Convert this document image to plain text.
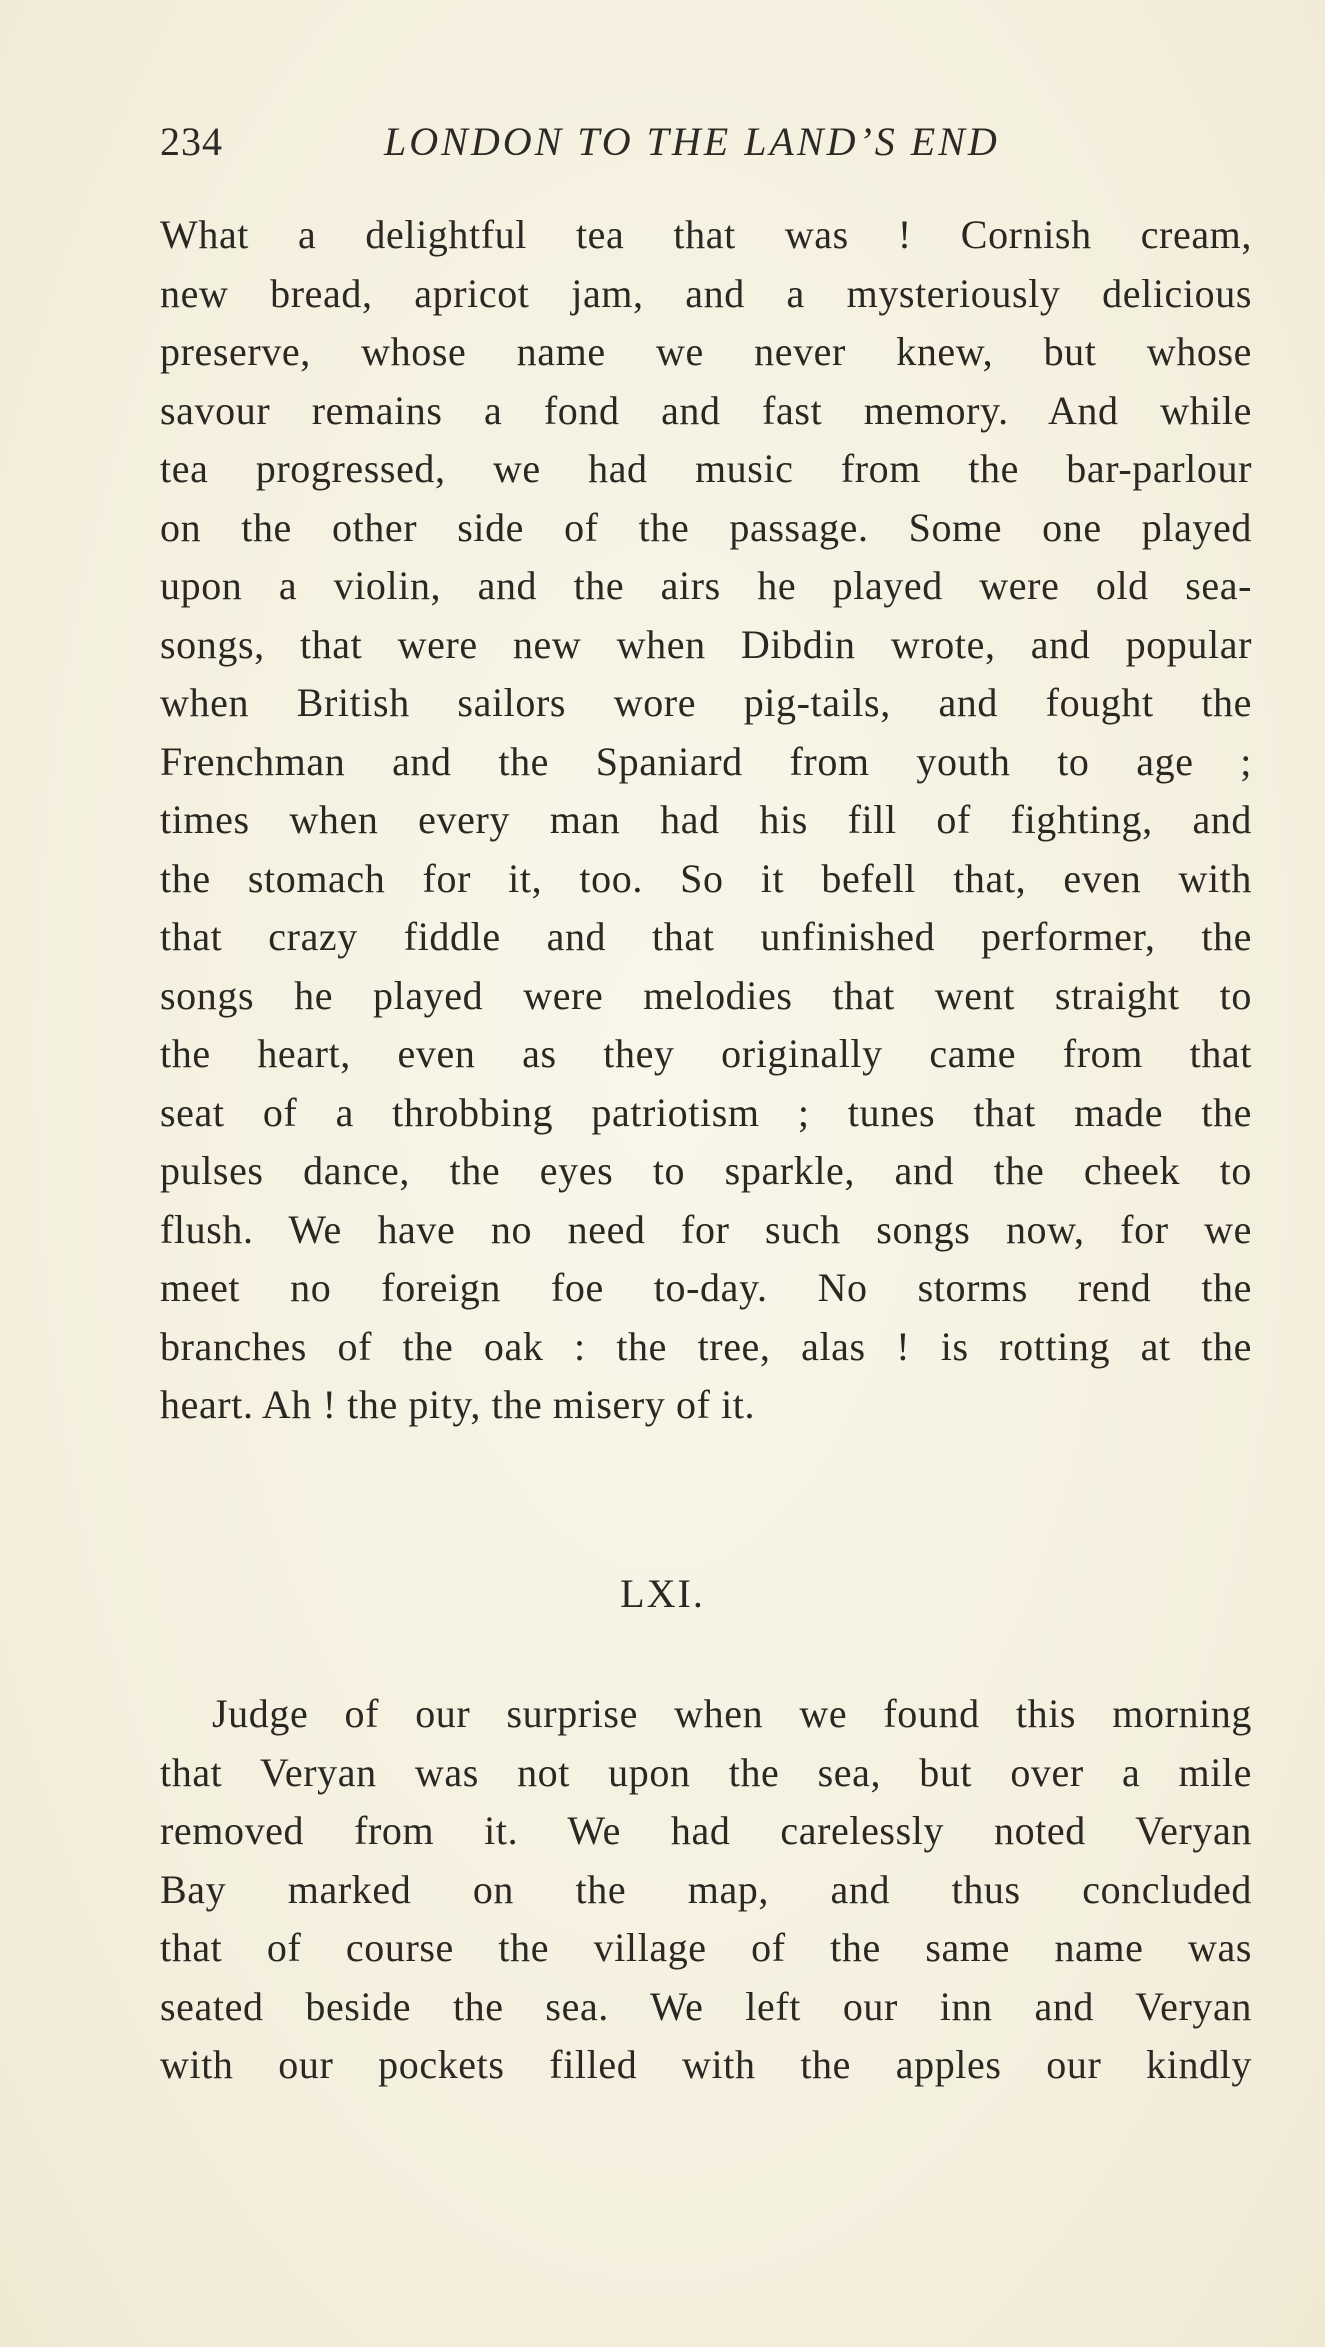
234	LONDON TO THE LAND’S END
What a delightful tea that was ! Cornish cream,
new bread, apricot jam, and a mysteriously delicious
preserve, whose name we never knew, but whose
savour remains a fond and fast memory. And while
tea progressed, we had music from the bar-parlour
on the other side of the passage. Some one played
upon a violin, and the airs he played were old sea-
songs, that were new when Dibdin wrote, and popular
when British sailors wore pig-tails, and fought the
Frenchman and the Spaniard from youth to age ;
times when every man had his fill of fighting, and
the stomach for it, too. So it befell that, even with
that crazy fiddle and that unfinished performer, the
songs he played were melodies that went straight to
the heart, even as they originally came from that
seat of a throbbing patriotism ; tunes that made the
pulses dance, the eyes to sparkle, and the cheek to
flush. We have no need for such songs now, for we
meet no foreign foe to-day. No storms rend the
branches of the oak : the tree, alas ! is rotting at the
heart. Ah ! the pity, the misery of it.
LXI.
Judge of our surprise when we found this morning
that Veryan was not upon the sea, but over a mile
removed from it. We had carelessly noted Veryan
Bay marked on the map, and thus concluded
that of course the village of the same name was
seated beside the sea. We left our inn and Veryan
with our pockets filled with the apples our kindly
